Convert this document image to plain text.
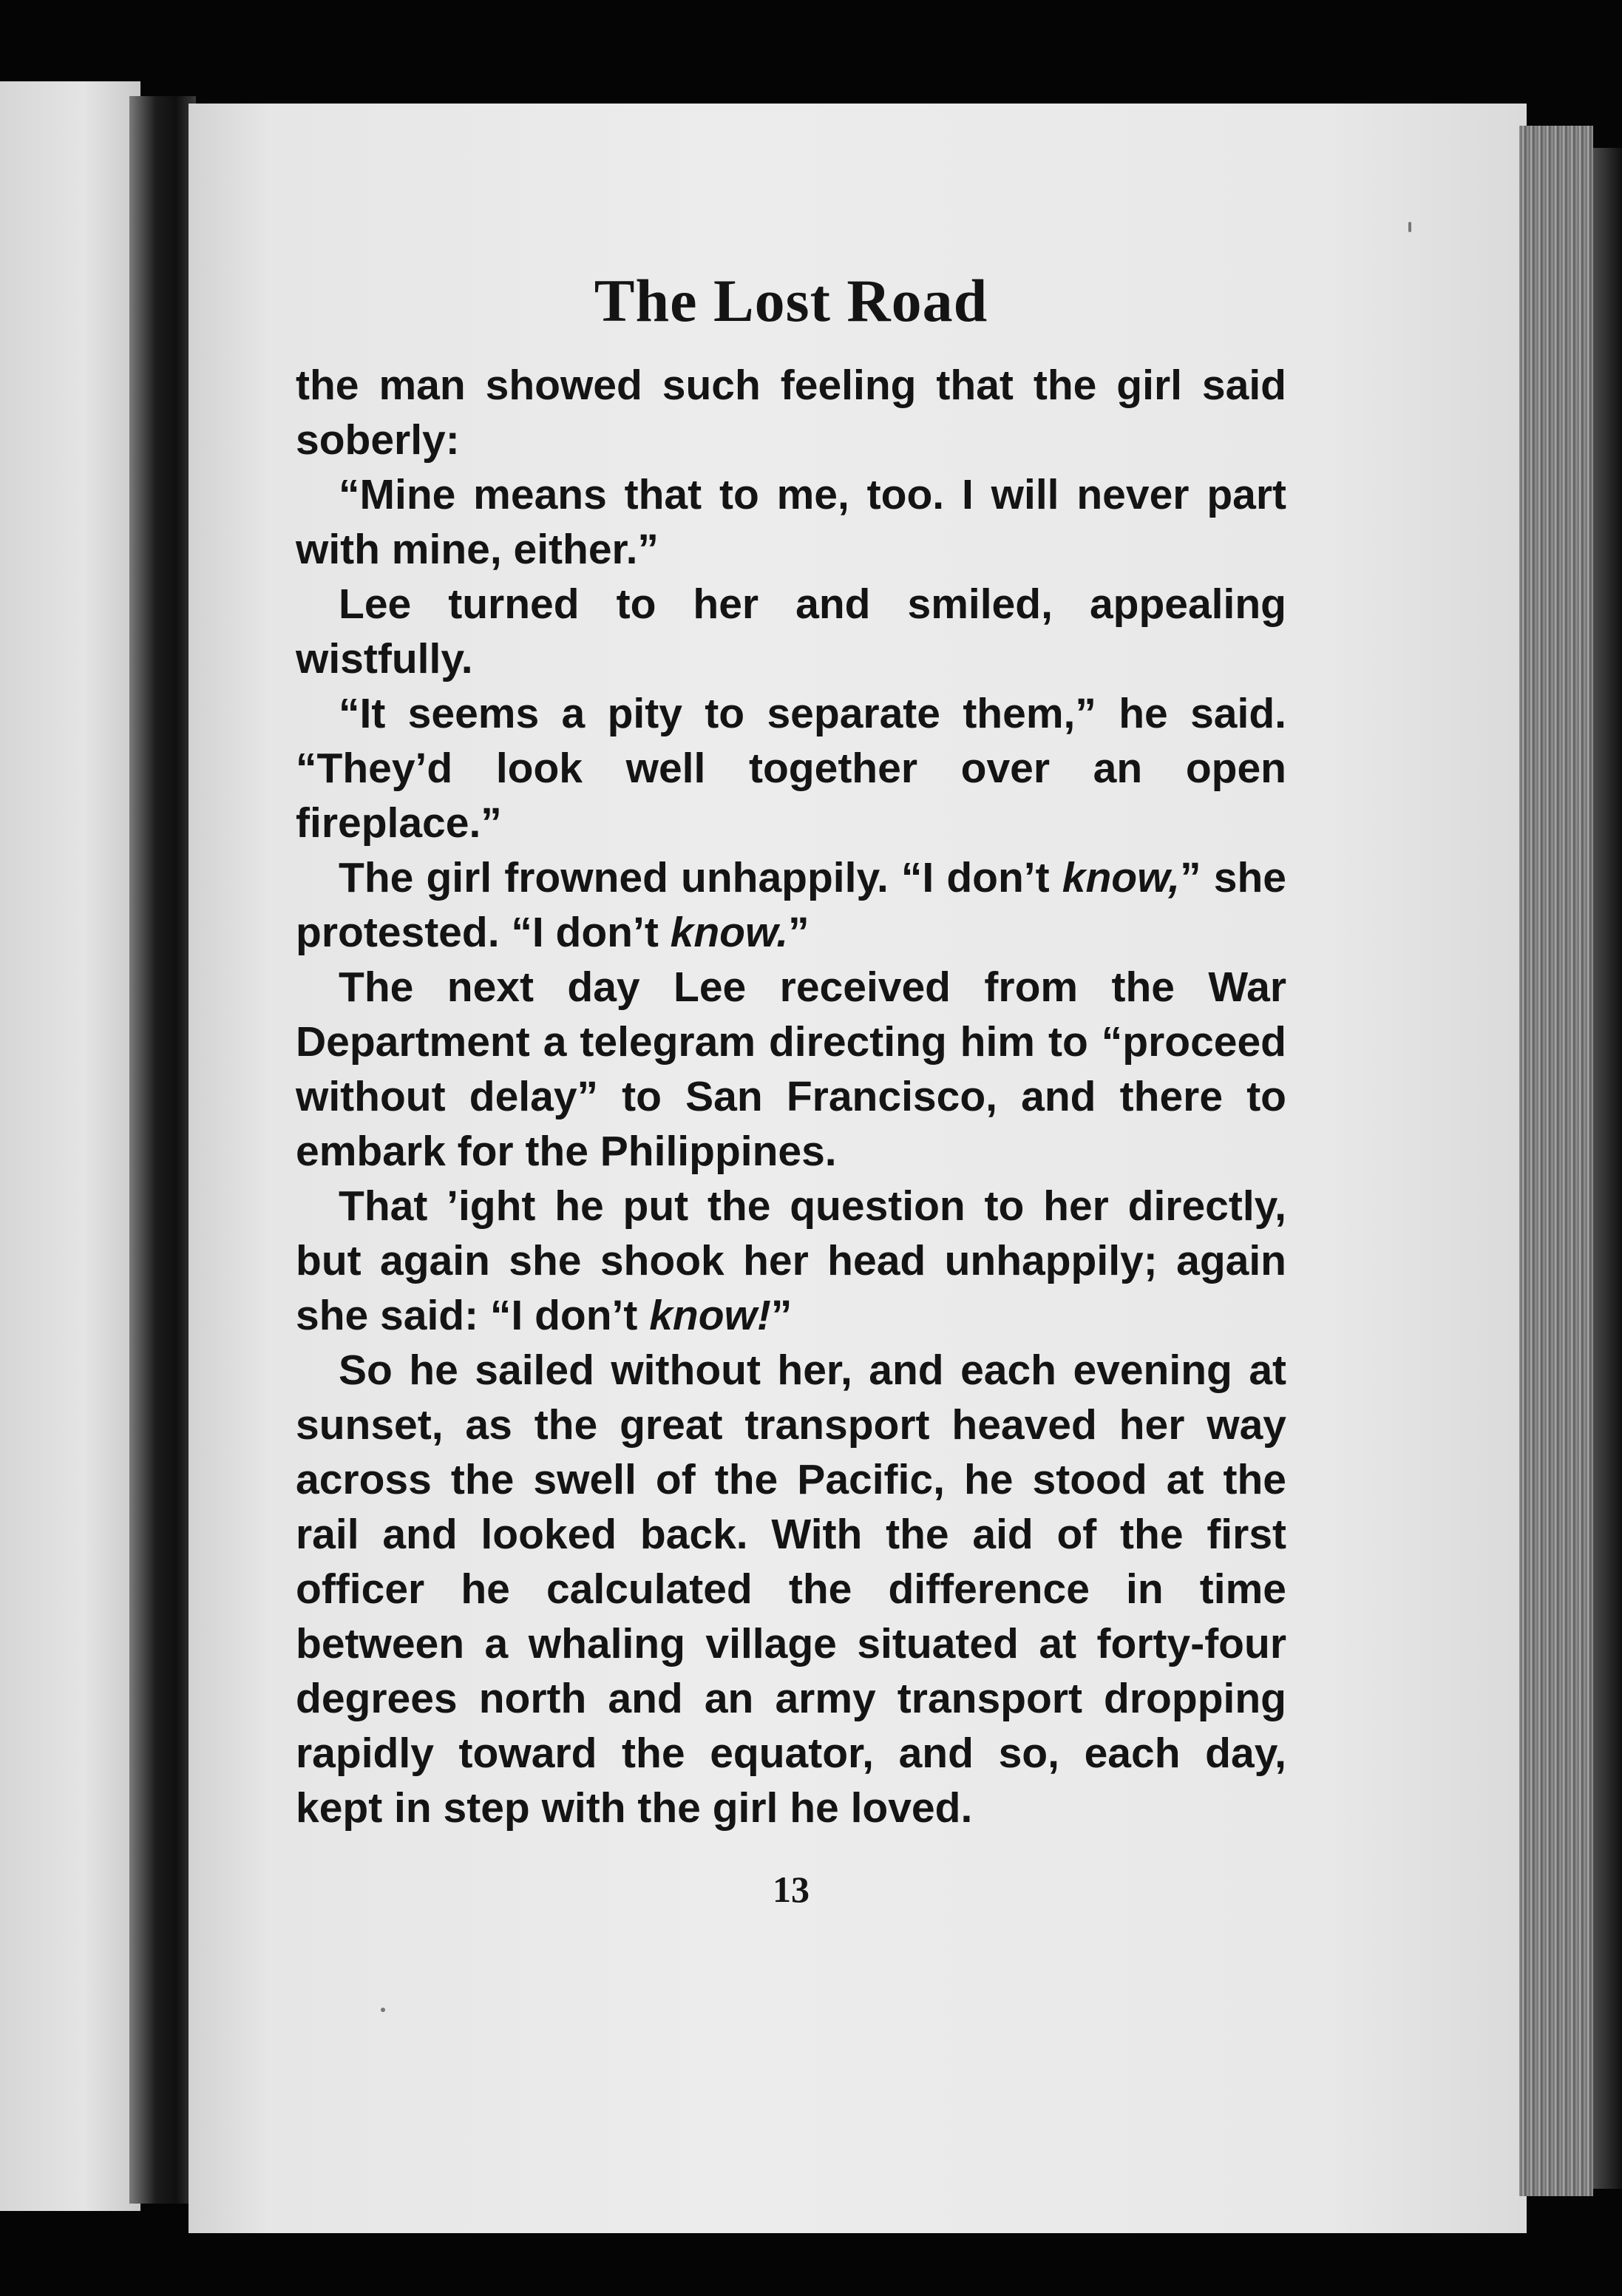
The Lost Road

the man showed such feeling that the girl said soberly:

“Mine means that to me, too. I will never part with mine, either.”

Lee turned to her and smiled, appealing wistfully.

“It seems a pity to separate them,” he said. “They’d look well together over an open fireplace.”

The girl frowned unhappily. “I don’t know,” she protested. “I don’t know.”

The next day Lee received from the War Department a telegram directing him to “proceed without delay” to San Francisco, and there to embark for the Philippines.

That ’ight he put the question to her directly, but again she shook her head unhappily; again she said: “I don’t know!”

So he sailed without her, and each evening at sunset, as the great transport heaved her way across the swell of the Pacific, he stood at the rail and looked back. With the aid of the first officer he calculated the difference in time between a whaling village situated at forty-four degrees north and an army transport dropping rapidly toward the equator, and so, each day, kept in step with the girl he loved.

13
